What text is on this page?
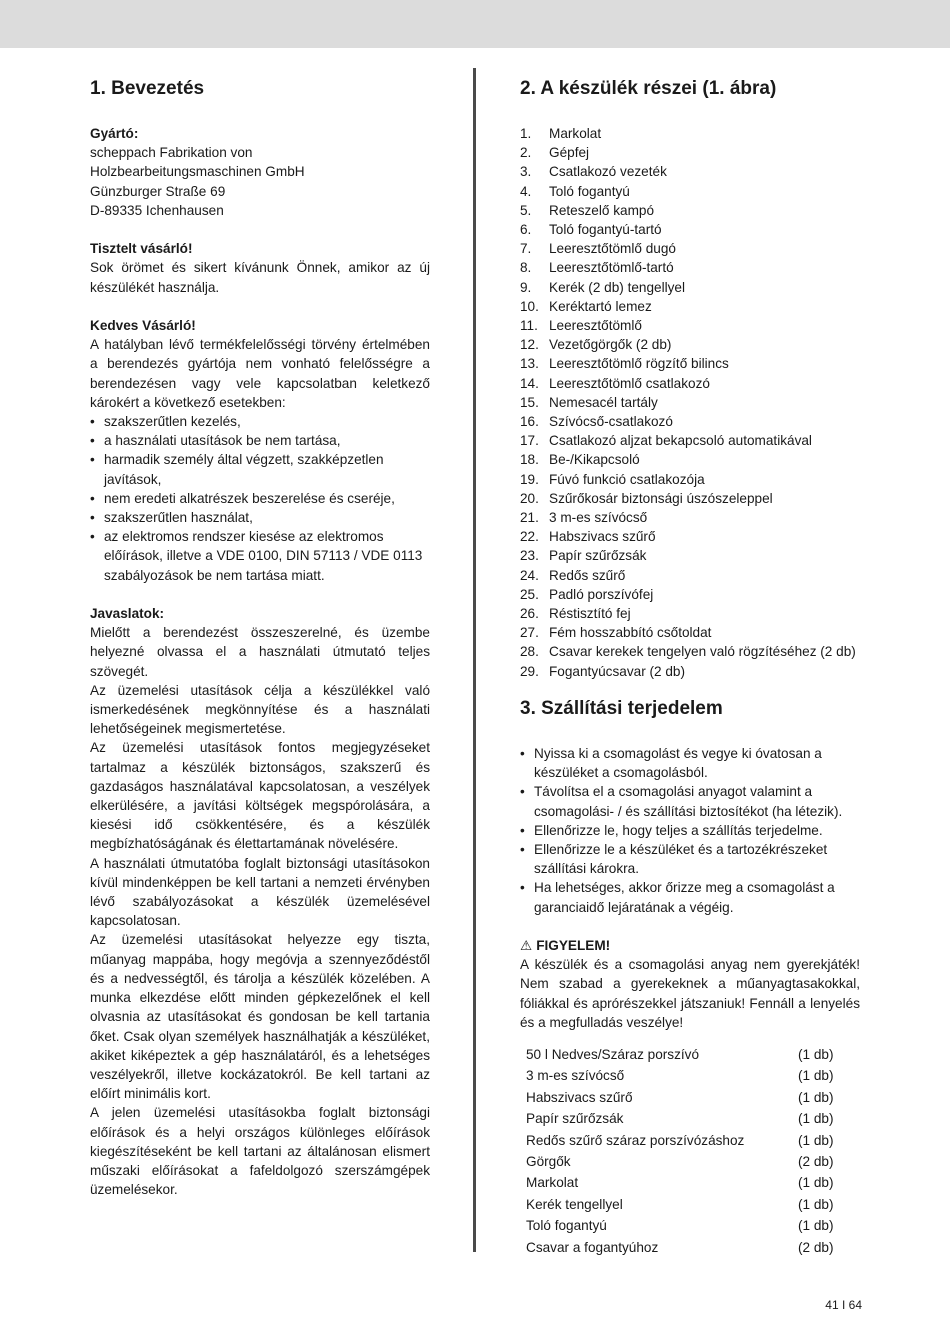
1. Bevezetés

Gyártó:

scheppach Fabrikation von

Holzbearbeitungsmaschinen GmbH

Günzburger Straße 69

D-89335 Ichenhausen

Tisztelt vásárló!

Sok örömet és sikert kívánunk Önnek, amikor az új készülékét használja.

Kedves Vásárló!

A hatályban lévő termékfelelősségi törvény értelmében a berendezés gyártója nem vonható felelősségre a berendezésen vagy vele kapcsolatban keletkező károkért a következő esetekben:

• szakszerűtlen kezelés,
• a használati utasítások be nem tartása,
• harmadik személy által végzett, szakképzetlen javítások,
• nem eredeti alkatrészek beszerelése és cseréje,
• szakszerűtlen használat,
• az elektromos rendszer kiesése az elektromos előírások, illetve a VDE 0100, DIN 57113 / VDE 0113 szabályozások be nem tartása miatt.

Javaslatok:

Mielőtt a berendezést összeszerelné, és üzembe helyezné olvassa el a használati útmutató teljes szövegét.

Az üzemelési utasítások célja a készülékkel való ismerkedésének megkönnyítése és a használati lehetőségeinek megismertetése.

Az üzemelési utasítások fontos megjegyzéseket tartalmaz a készülék biztonságos, szakszerű és gazdaságos használatával kapcsolatosan, a veszélyek elkerülésére, a javítási költségek megspórolására, a kiesési idő csökkentésére, és a készülék megbízhatóságának és élettartamának növelésére.

A használati útmutatóba foglalt biztonsági utasításokon kívül mindenképpen be kell tartani a nemzeti érvényben lévő szabályozásokat a készülék üzemelésével kapcsolatosan.

Az üzemelési utasításokat helyezze egy tiszta, műanyag mappába, hogy megóvja a szennyeződéstől és a nedvességtől, és tárolja a készülék közelében. A munka elkezdése előtt minden gépkezelőnek el kell olvasnia az utasításokat és gondosan be kell tartania őket. Csak olyan személyek használhatják a készüléket, akiket kiképeztek a gép használatáról, és a lehetséges veszélyekről, illetve kockázatokról. Be kell tartani az előírt minimális kort.

A jelen üzemelési utasításokba foglalt biztonsági előírások és a helyi országos különleges előírások kiegészítéseként be kell tartani az általánosan elismert műszaki előírásokat a fafeldolgozó szerszámgépek üzemelésekor.

2. A készülék részei (1. ábra)
1.	Markolat
2.	Gépfej
3.	Csatlakozó vezeték
4.	Toló fogantyú
5.	Reteszelő kampó
6.	Toló fogantyú-tartó
7.	Leeresztőtömlő dugó
8.	Leeresztőtömlő-tartó
9.	Kerék (2 db) tengellyel
10. Keréktartó lemez
11. Leeresztőtömlő
12. Vezetőgörgők (2 db)
13. Leeresztőtömlő rögzítő bilincs
14. Leeresztőtömlő csatlakozó
15. Nemesacél tartály
16. Szívócső-csatlakozó
17. Csatlakozó aljzat bekapcsoló automatikával
18. Be-/Kikapcsoló
19. Fúvó funkció csatlakozója
20. Szűrőkosár biztonsági úszószeleppel
21. 3 m-es szívócső
22. Habszivacs szűrő
23. Papír szűrőzsák
24. Redős szűrő
25. Padló porszívófej
26. Réstisztító fej
27. Fém hosszabbító csőtoldat
28. Csavar kerekek tengelyen való rögzítéséhez (2 db)
29. Fogantyúcsavar (2 db)
3. Szállítási terjedelem
• Nyissa ki a csomagolást és vegye ki óvatosan a készüléket a csomagolásból.
• Távolítsa el a csomagolási anyagot valamint a csomagolási- / és szállítási biztosítékot (ha létezik).
• Ellenőrizze le, hogy teljes a szállítás terjedelme.
• Ellenőrizze le a készüléket és a tartozékrészeket szállítási károkra.
• Ha lehetséges, akkor őrizze meg a csomagolást a garanciaidő lejáratának a végéig.

⚠ FIGYELEM!

A készülék és a csomagolási anyag nem gyerekjáték! Nem szabad a gyerekeknek a műanyagtasakokkal, fóliákkal és aprórészekkel játszaniuk! Fennáll a lenyelés és a megfulladás veszélye!

50 l Nedves/Száraz porszívó	(1 db)
3 m-es szívócső	(1 db)
Habszivacs szűrő	(1 db)
Papír szűrőzsák	(1 db)
Redős szűrő száraz porszívózáshoz	(1 db)
Görgők	(2 db)
Markolat	(1 db)
Kerék tengellyel	(1 db)
Toló fogantyú	(1 db)
Csavar a fogantyúhoz	(2 db)
41 I 64
